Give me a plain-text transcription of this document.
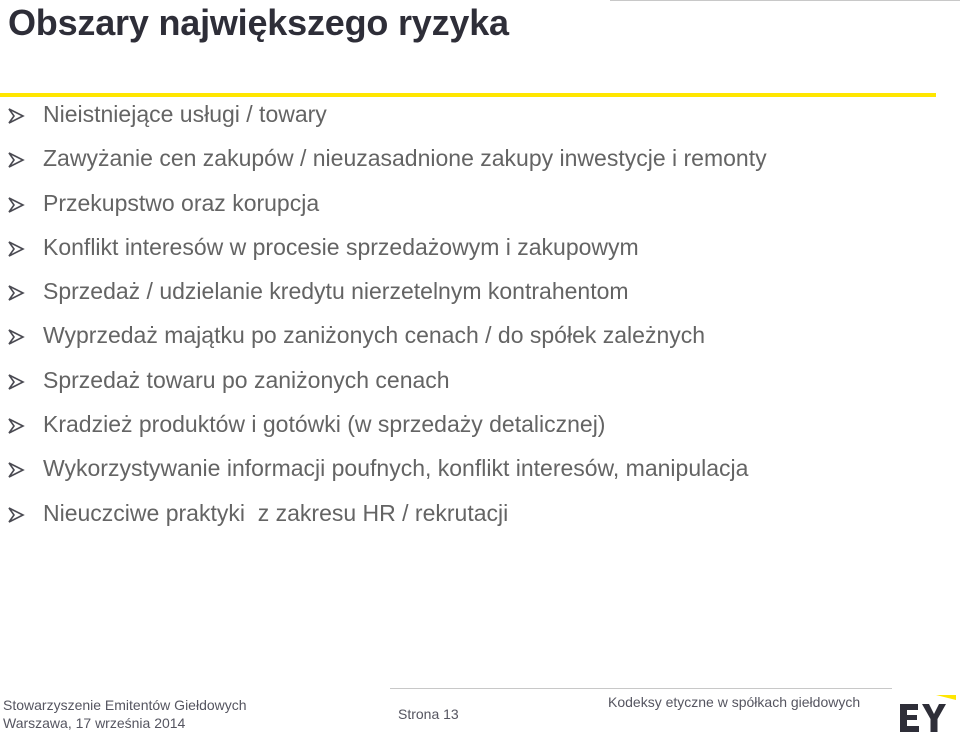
Obszary największego ryzyka
Nieistniejące usługi / towary
Zawyżanie cen zakupów / nieuzasadnione zakupy inwestycje i remonty
Przekupstwo oraz korupcja
Konflikt interesów w procesie sprzedażowym i zakupowym
Sprzedaż / udzielanie kredytu nierzetelnym kontrahentom
Wyprzedaż majątku po zaniżonych cenach / do spółek zależnych
Sprzedaż towaru po zaniżonych cenach
Kradzież produktów i gotówki (w sprzedaży detalicznej)
Wykorzystywanie informacji poufnych, konflikt interesów, manipulacja
Nieuczciwe praktyki  z zakresu HR / rekrutacji
Stowarzyszenie Emitentów Giełdowych
Warszawa, 17 września 2014
Strona 13
Kodeksy etyczne w spółkach giełdowych
